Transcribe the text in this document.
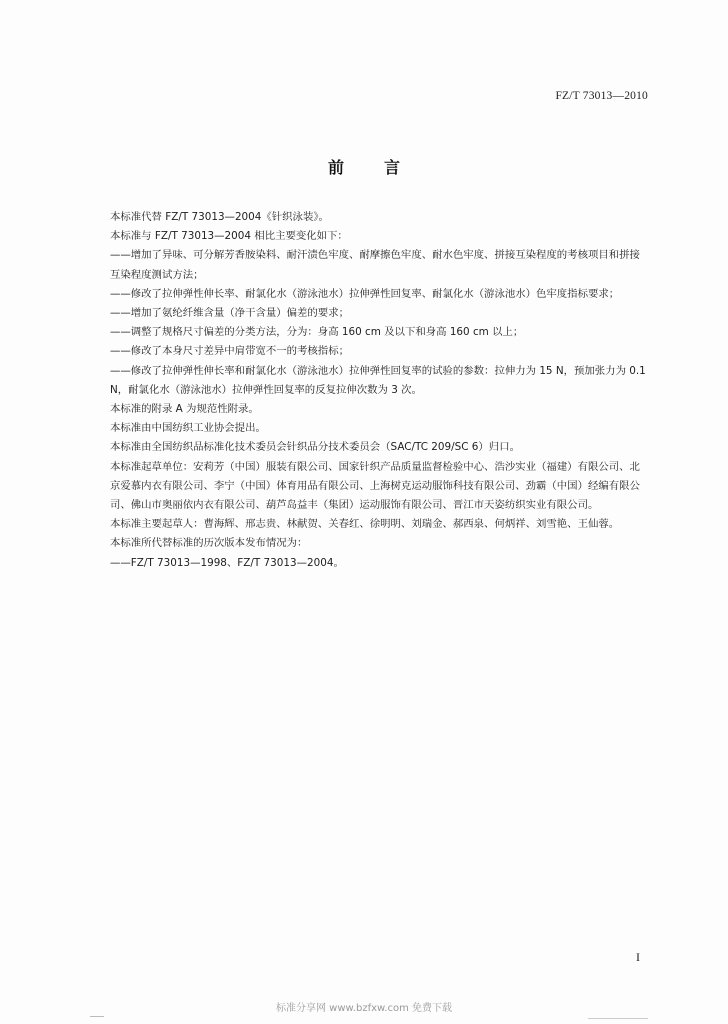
FZ/T 73013—2010
前言

本标准代替 FZ/T 73013—2004《针织泳装》。

本标准与 FZ/T 73013—2004 相比主要变化如下：

——增加了异味、可分解芳香胺染料、耐汗渍色牢度、耐摩擦色牢度、耐水色牢度、拼接互染程度的考核项目和拼接互染程度测试方法；

——修改了拉伸弹性伸长率、耐氯化水（游泳池水）拉伸弹性回复率、耐氯化水（游泳池水）色牢度指标要求；

——增加了氨纶纤维含量（净干含量）偏差的要求；

——调整了规格尺寸偏差的分类方法，分为：身高 160 cm 及以下和身高 160 cm 以上；

——修改了本身尺寸差异中肩带宽不一的考核指标；

——修改了拉伸弹性伸长率和耐氯化水（游泳池水）拉伸弹性回复率的试验的参数：拉伸力为 15 N，预加张力为 0.1 N，耐氯化水（游泳池水）拉伸弹性回复率的反复拉伸次数为 3 次。

本标准的附录 A 为规范性附录。

本标准由中国纺织工业协会提出。

本标准由全国纺织品标准化技术委员会针织品分技术委员会（SAC/TC 209/SC 6）归口。

本标准起草单位：安莉芳（中国）服装有限公司、国家针织产品质量监督检验中心、浩沙实业（福建）有限公司、北京爱慕内衣有限公司、李宁（中国）体育用品有限公司、上海树克运动服饰科技有限公司、劲霸（中国）经编有限公司、佛山市奥丽依内衣有限公司、葫芦岛益丰（集团）运动服饰有限公司、晋江市天姿纺织实业有限公司。

本标准主要起草人：曹海辉、邢志贵、林献贺、关春红、徐明明、刘瑞金、郝西泉、何炳祥、刘雪艳、王仙蓉。

本标准所代替标准的历次版本发布情况为：

——FZ/T 73013—1998、FZ/T 73013—2004。

I
标准分享网 www.bzfxw.com 免费下载
